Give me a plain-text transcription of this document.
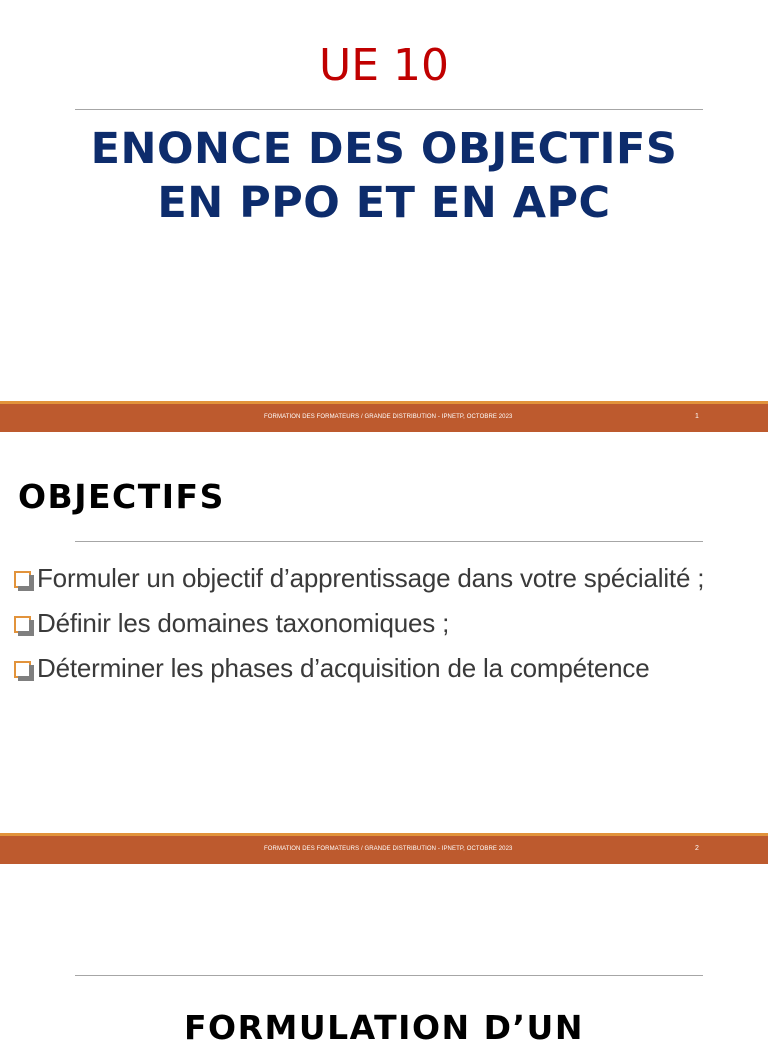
UE 10
ENONCE DES OBJECTIFS
EN PPO ET EN APC
FORMATION DES FORMATEURS / GRANDE DISTRIBUTION - IPNETP, OCTOBRE 2023	1
OBJECTIFS
Formuler un objectif d’apprentissage dans votre spécialité ;
Définir les domaines taxonomiques ;
Déterminer les phases d’acquisition de la compétence
FORMATION DES FORMATEURS / GRANDE DISTRIBUTION - IPNETP, OCTOBRE 2023	2
FORMULATION D’UN
